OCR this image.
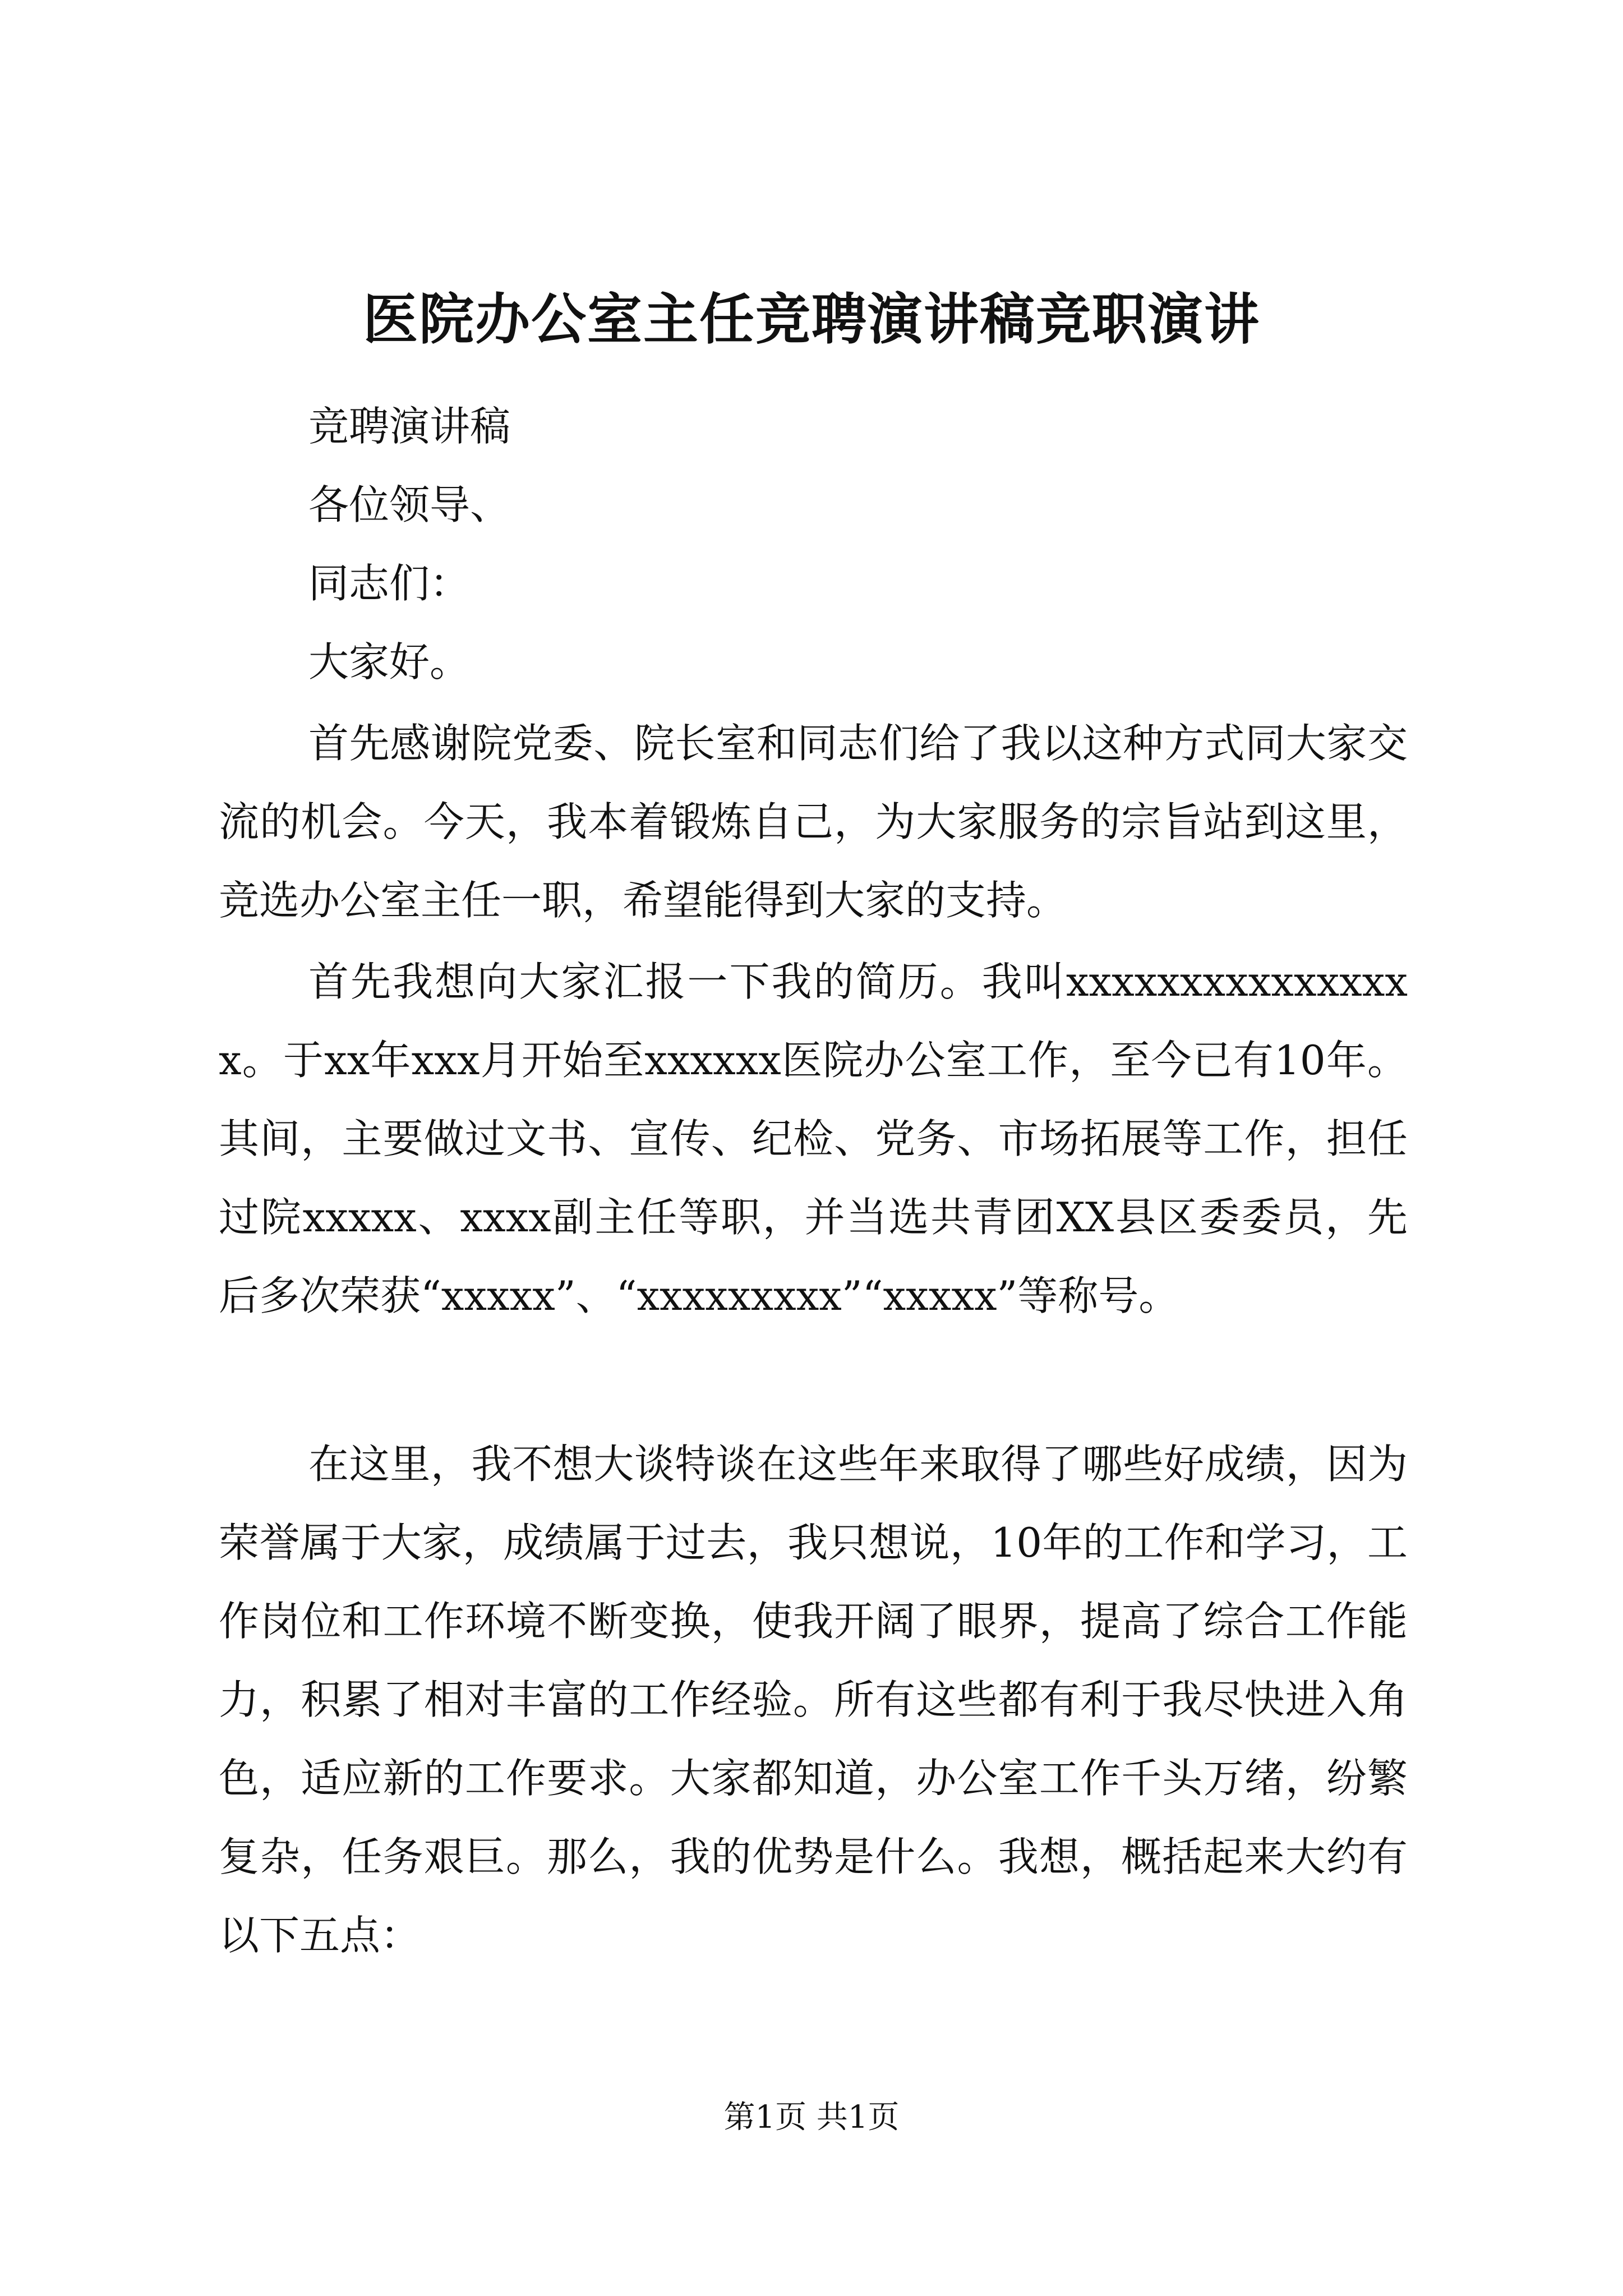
医院办公室主任竞聘演讲稿竞职演讲
竞聘演讲稿
各位领导、
同志们：
大家好。
首先感谢院党委、院长室和同志们给了我以这种方式同大家交流的机会。今天，我本着锻炼自己，为大家服务的宗旨站到这里，竞选办公室主任一职，希望能得到大家的支持。
首先我想向大家汇报一下我的简历。我叫xxxxxxxxxxxxxxxx。于xx年xxx月开始至xxxxxx医院办公室工作，至今已有10年。其间，主要做过文书、宣传、纪检、党务、市场拓展等工作，担任过院xxxxx、xxxx副主任等职，并当选共青团XX县区委委员，先后多次荣获“xxxxx”、“xxxxxxxxx”“xxxxx”等称号。
在这里，我不想大谈特谈在这些年来取得了哪些好成绩，因为荣誉属于大家，成绩属于过去，我只想说，10年的工作和学习，工作岗位和工作环境不断变换，使我开阔了眼界，提高了综合工作能力，积累了相对丰富的工作经验。所有这些都有利于我尽快进入角色，适应新的工作要求。大家都知道，办公室工作千头万绪，纷繁复杂，任务艰巨。那么，我的优势是什么。我想，概括起来大约有以下五点：
第1页 共1页
